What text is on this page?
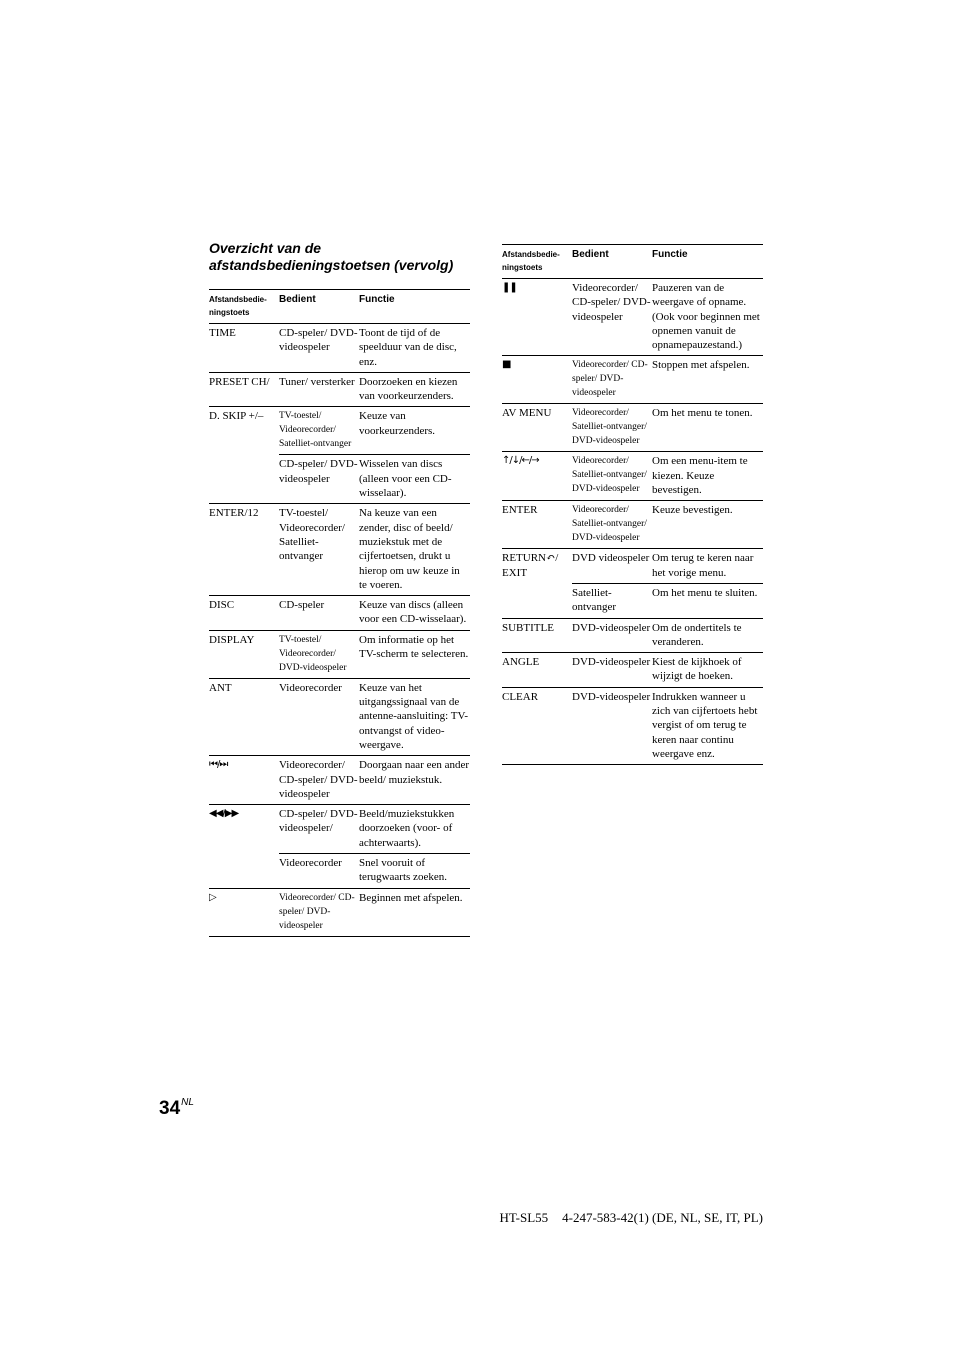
Overzicht van de
afstandsbedieningstoetsen (vervolg)
Afstandsbedie-ningstoets	Bedient	Functie
TIME	CD-speler/ DVD-videospeler	Toont de tijd of de speelduur van de disc, enz.
PRESET CH/	Tuner/ versterker	Doorzoeken en kiezen van voorkeurzenders.
D. SKIP +/–	TV-toestel/ Videorecorder/ Satelliet-ontvanger	Keuze van voorkeurzenders.
	CD-speler/ DVD-videospeler	Wisselen van discs (alleen voor een CD-wisselaar).
ENTER/12	TV-toestel/ Videorecorder/ Satelliet-ontvanger	Na keuze van een zender, disc of beeld/ muziekstuk met de cijfertoetsen, drukt u hierop om uw keuze in te voeren.
DISC	CD-speler	Keuze van discs (alleen voor een CD-wisselaar).
DISPLAY	TV-toestel/ Videorecorder/ DVD-videospeler	Om informatie op het TV-scherm te selecteren.
ANT	Videorecorder	Keuze van het uitgangssignaal van de antenne-aansluiting: TV-ontvangst of video-weergave.
⏮/⏭	Videorecorder/ CD-speler/ DVD-videospeler	Doorgaan naar een ander beeld/ muziekstuk.
◀◀/▶▶	CD-speler/ DVD-videospeler/	Beeld/muziekstukken doorzoeken (voor- of achterwaarts).
	Videorecorder	Snel vooruit of terugwaarts zoeken.
▷	Videorecorder/ CD-speler/ DVD-videospeler	Beginnen met afspelen.
Afstandsbedie-ningstoets	Bedient	Functie
❚❚	Videorecorder/ CD-speler/ DVD-videospeler	Pauzeren van de weergave of opname. (Ook voor beginnen met opnemen vanuit de opnamepauzestand.)
■	Videorecorder/ CD-speler/ DVD-videospeler	Stoppen met afspelen.
AV MENU	Videorecorder/ Satelliet-ontvanger/ DVD-videospeler	Om het menu te tonen.
↑/↓/←/→	Videorecorder/ Satelliet-ontvanger/ DVD-videospeler	Om een menu-item te kiezen. Keuze bevestigen.
ENTER	Videorecorder/ Satelliet-ontvanger/ DVD-videospeler	Keuze bevestigen.
RETURN↶/ EXIT	DVD videospeler	Om terug te keren naar het vorige menu.
	Satelliet-ontvanger	Om het menu te sluiten.
SUBTITLE	DVD-videospeler	Om de ondertitels te veranderen.
ANGLE	DVD-videospeler	Kiest de kijkhoek of wijzigt de hoeken.
CLEAR	DVD-videospeler	Indrukken wanneer u zich van cijfertoets hebt vergist of om terug te keren naar continu weergave enz.
$34^{NL}$
HT-SL55 4-247-583-42(1) (DE, NL, SE, IT, PL)
